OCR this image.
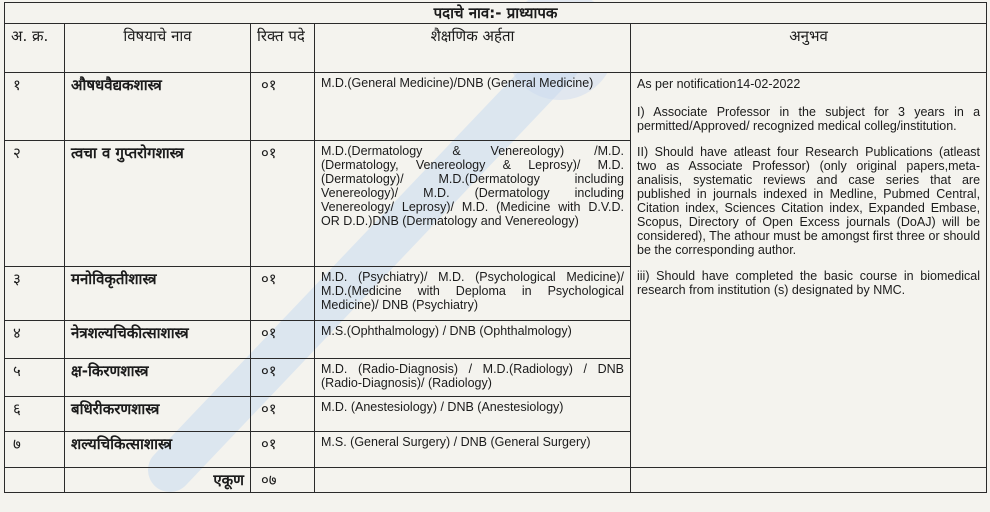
पदाचे नाव:- प्राध्यापक				
अ. क्र.	विषयाचे नाव	रिक्त पदे	शैक्षणिक अर्हता	अनुभव
१	औषधवैद्यकशास्त्र	०१	M.D.(General Medicine)/DNB (General Medicine)	As per notification14-02-2022

I) Associate Professor in the subject for 3 years in a permitted/Approved/ recognized medical colleg/institution.

II) Should have atleast four Research Publications (atleast two as Associate Professor) (only original papers,meta-analisis, systematic reviews and case series that are published in journals indexed in Medline, Pubmed Central, Citation index, Sciences Citation index, Expanded Embase, Scopus, Directory of Open Excess journals (DoAJ) will be considered), The athour must be amongst first three or should be the corresponding author.

iii) Should have completed the basic course in biomedical research from institution (s) designated by NMC.

२	त्वचा व गुप्तरोगशास्त्र	०१	M.D.(Dermatology & Venereology) /M.D. (Dermatology, Venereology & Leprosy)/ M.D. (Dermatology)/ M.D.(Dermatology including Venereology)/ M.D. (Dermatology including Venereology/ Leprosy)/ M.D. (Medicine with D.V.D. OR D.D.)DNB (Dermatology and Venereology)	
३	मनोविकृतीशास्त्र	०१	M.D. (Psychiatry)/ M.D. (Psychological Medicine)/ M.D.(Medicine with Deploma in Psychological Medicine)/ DNB (Psychiatry)	
४	नेत्रशल्यचिकीत्साशास्त्र	०१	M.S.(Ophthalmology) / DNB (Ophthalmology)	
५	क्ष-किरणशास्त्र	०१	M.D. (Radio-Diagnosis) / M.D.(Radiology) / DNB (Radio-Diagnosis)/ (Radiology)	
६	बधिरीकरणशास्त्र	०१	M.D. (Anestesiology) / DNB (Anestesiology)	
७	शल्यचिकित्साशास्त्र	०१	M.S. (General Surgery) / DNB (General Surgery)	
	एकूण	०७		
